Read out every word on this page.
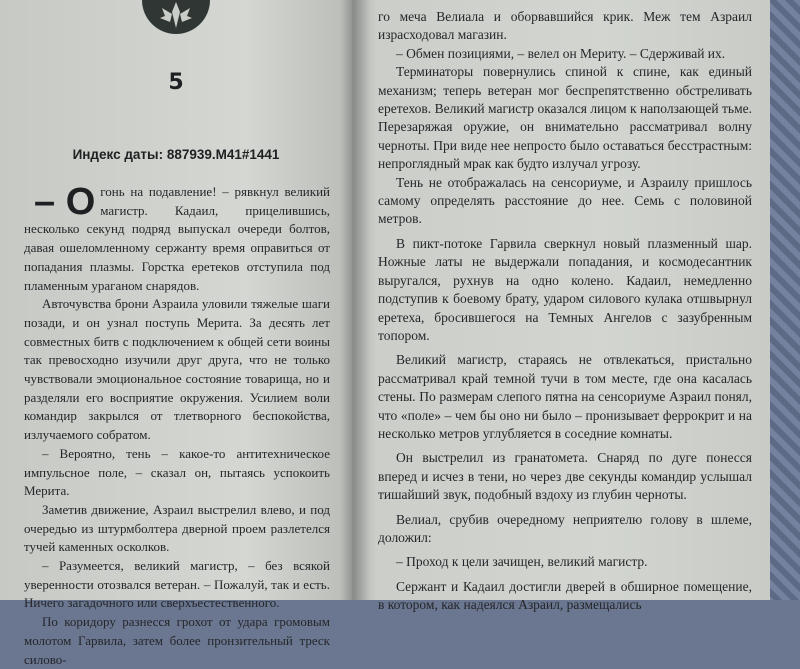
5
Индекс даты: 887939.M41#1441

– О гонь на подавление! – рявкнул великий магистр. Кадаил, прицелившись, несколько секунд подряд выпускал очереди болтов, давая ошеломленному сержанту время оправиться от попадания плазмы. Горстка еретеков отступила под пламенным ураганом снарядов.

Авточувства брони Азраила уловили тяжелые шаги позади, и он узнал поступь Мерита. За десять лет совместных битв с подключением к общей сети воины так превосходно изучили друг друга, что не только чувствовали эмоциональное состояние товарища, но и разделяли его восприятие окружения. Усилием воли командир закрылся от тлетворного беспокойства, излучаемого собратом.

– Вероятно, тень – какое-то антитехническое импульсное поле, – сказал он, пытаясь успокоить Мерита.

Заметив движение, Азраил выстрелил влево, и под очередью из штурмболтера дверной проем разлетелся тучей каменных осколков.

– Разумеется, великий магистр, – без всякой уверенности отозвался ветеран. – Пожалуй, так и есть. Ничего загадочного или сверхъестественного.

По коридору разнесся грохот от удара громовым молотом Гарвила, затем более пронзительный треск силово-

го меча Велиала и оборвавшийся крик. Меж тем Азраил израсходовал магазин.

– Обмен позициями, – велел он Мериту. – Сдерживай их.

Терминаторы повернулись спиной к спине, как единый механизм; теперь ветеран мог беспрепятственно обстреливать еретехов. Великий магистр оказался лицом к наползающей тьме. Перезаряжая оружие, он внимательно рассматривал волну черноты. При виде нее непросто было оставаться бесстрастным: непроглядный мрак как будто излучал угрозу.

Тень не отображалась на сенсориуме, и Азраилу пришлось самому определять расстояние до нее. Семь с половиной метров.

В пикт-потоке Гарвила сверкнул новый плазменный шар. Ножные латы не выдержали попадания, и космодесантник выругался, рухнув на одно колено. Кадаил, немедленно подступив к боевому брату, ударом силового кулака отшвырнул еретеха, бросившегося на Темных Ангелов с зазубренным топором.

Великий магистр, стараясь не отвлекаться, пристально рассматривал край темной тучи в том месте, где она касалась стены. По размерам слепого пятна на сенсориуме Азраил понял, что «поле» – чем бы оно ни было – пронизывает феррокрит и на несколько метров углубляется в соседние комнаты.

Он выстрелил из гранатомета. Снаряд по дуге понесся вперед и исчез в тени, но через две секунды командир услышал тишайший звук, подобный вздоху из глубин черноты.

Велиал, срубив очередному неприятелю голову в шлеме, доложил:

– Проход к цели зачищен, великий магистр.

Сержант и Кадаил достигли дверей в обширное помещение, в котором, как надеялся Азраил, размещались
